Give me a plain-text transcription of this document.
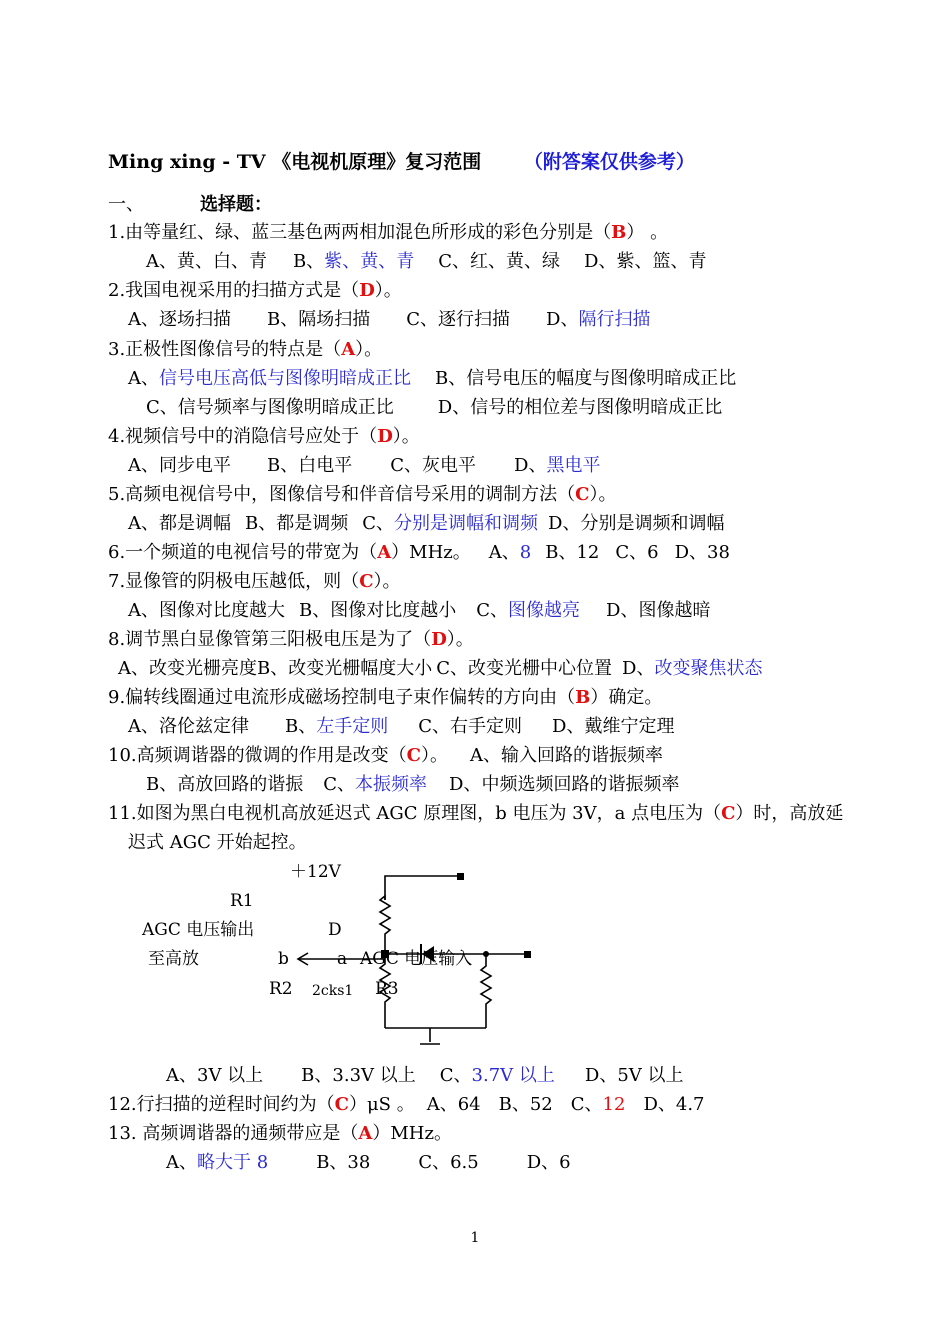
Ming xing - TV 《电视机原理》复习范围 （附答案仅供参考）
一、	选择题：
1.由等量红、绿、蓝三基色两两相加混色所形成的彩色分别是（B） 。
A、黄、白、青 B、紫、黄、青 C、红、黄、绿 D、紫、篮、青
2.我国电视采用的扫描方式是（D）。
A、逐场扫描 B、隔场扫描 C、逐行扫描 D、隔行扫描
3.正极性图像信号的特点是（A）。
A、信号电压高低与图像明暗成正比 B、信号电压的幅度与图像明暗成正比
C、信号频率与图像明暗成正比 D、信号的相位差与图像明暗成正比
4.视频信号中的消隐信号应处于（D）。
A、同步电平 B、白电平 C、灰电平 D、黑电平
5.高频电视信号中，图像信号和伴音信号采用的调制方法（C）。
A、都是调幅 B、都是调频 C、分别是调幅和调频 D、分别是调频和调幅
6.一个频道的电视信号的带宽为（A）MHz。 A、8 B、12 C、6 D、38
7.显像管的阴极电压越低，则（C）。
A、图像对比度越大 B、图像对比度越小 C、图像越亮 D、图像越暗
8.调节黑白显像管第三阳极电压是为了（D）。
A、改变光栅亮度B、改变光栅幅度大小 C、改变光栅中心位置 D、改变聚焦状态
9.偏转线圈通过电流形成磁场控制电子束作偏转的方向由（B）确定。
A、洛伦兹定律 B、左手定则 C、右手定则 D、戴维宁定理
10.高频调谐器的微调的作用是改变（C）。 A、输入回路的谐振频率
B、高放回路的谐振 C、本振频率 D、中频选频回路的谐振频率
11.如图为黑白电视机高放延迟式 AGC 原理图，b 电压为 3V，a 点电压为（C）时，高放延
迟式 AGC 开始起控。
＋12V
R1
AGC 电压输出	D
至高放	b	a AGC 电压输入
R2 2cks1 R3
A、3V 以上 B、3.3V 以上 C、3.7V 以上 D、5V 以上
12.行扫描的逆程时间约为（C）μS 。 A、64 B、52 C、12 D、4.7
13. 高频调谐器的通频带应是（A）MHz。
A、略大于 8	B、38	C、6.5	D、6
1
